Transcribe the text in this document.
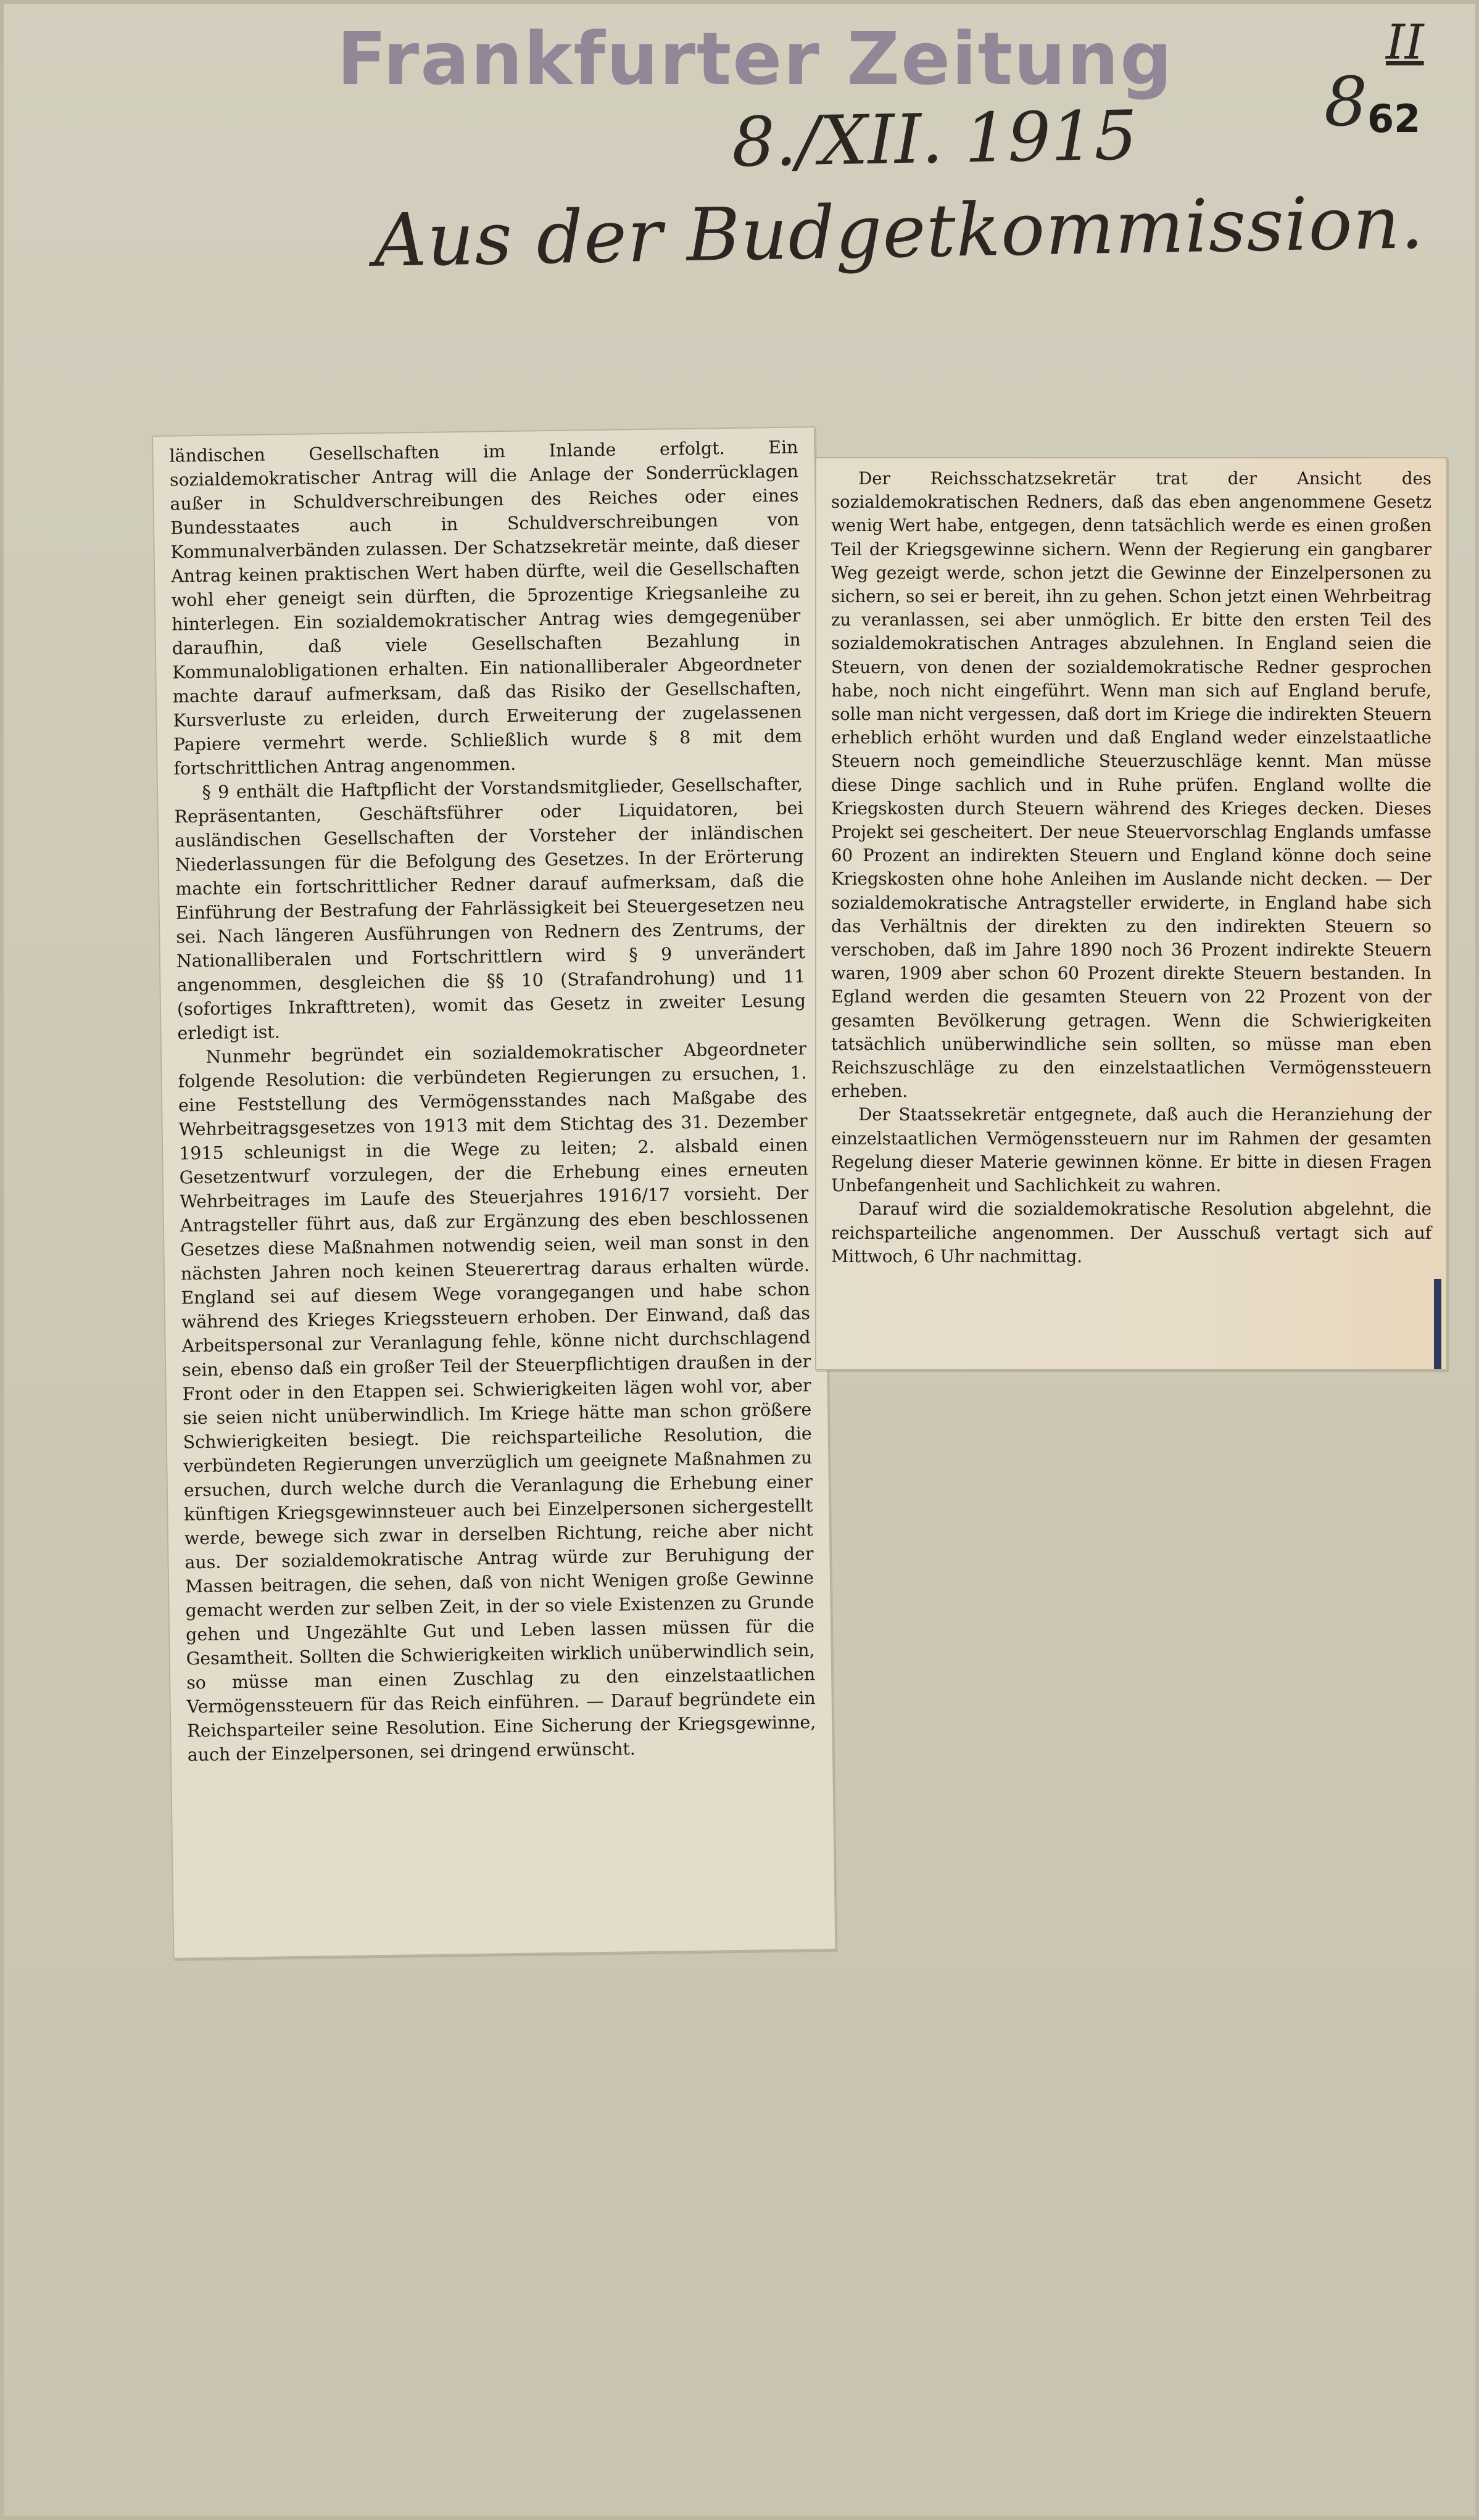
Frankfurter Zeitung	II
8 62
8./XII. 1915
Aus der Budgetkommission.

ländischen Gesellschaften im Inlande erfolgt. Ein sozialdemokratischer Antrag will die Anlage der Sonderrücklagen außer in Schuldverschreibungen des Reiches oder eines Bundesstaates auch in Schuldverschreibungen von Kommunalverbänden zulassen. Der Schatzsekretär meinte, daß dieser Antrag keinen praktischen Wert haben dürfte, weil die Gesellschaften wohl eher geneigt sein dürften, die 5prozentige Kriegsanleihe zu hinterlegen. Ein sozialdemokratischer Antrag wies demgegenüber daraufhin, daß viele Gesellschaften Bezahlung in Kommunalobligationen erhalten. Ein nationalliberaler Abgeordneter machte darauf aufmerksam, daß das Risiko der Gesellschaften, Kursverluste zu erleiden, durch Erweiterung der zugelassenen Papiere vermehrt werde. Schließlich wurde § 8 mit dem fortschrittlichen Antrag angenommen.

§ 9 enthält die Haftpflicht der Vorstandsmitglieder, Gesellschafter, Repräsentanten, Geschäftsführer oder Liquidatoren, bei ausländischen Gesellschaften der Vorsteher der inländischen Niederlassungen für die Befolgung des Gesetzes. In der Erörterung machte ein fortschrittlicher Redner darauf aufmerksam, daß die Einführung der Bestrafung der Fahrlässigkeit bei Steuergesetzen neu sei. Nach längeren Ausführungen von Rednern des Zentrums, der Nationalliberalen und Fortschrittlern wird § 9 unverändert angenommen, desgleichen die §§ 10 (Strafandrohung) und 11 (sofortiges Inkrafttreten), womit das Gesetz in zweiter Lesung erledigt ist.

Nunmehr begründet ein sozialdemokratischer Abgeordneter folgende Resolution: die verbündeten Regierungen zu ersuchen, 1. eine Feststellung des Vermögensstandes nach Maßgabe des Wehrbeitragsgesetzes von 1913 mit dem Stichtag des 31. Dezember 1915 schleunigst in die Wege zu leiten; 2. alsbald einen Gesetzentwurf vorzulegen, der die Erhebung eines erneuten Wehrbeitrages im Laufe des Steuerjahres 1916/17 vorsieht. Der Antragsteller führt aus, daß zur Ergänzung des eben beschlossenen Gesetzes diese Maßnahmen notwendig seien, weil man sonst in den nächsten Jahren noch keinen Steuerertrag daraus erhalten würde. England sei auf diesem Wege vorangegangen und habe schon während des Krieges Kriegssteuern erhoben. Der Einwand, daß das Arbeitspersonal zur Veranlagung fehle, könne nicht durchschlagend sein, ebenso daß ein großer Teil der Steuerpflichtigen draußen in der Front oder in den Etappen sei. Schwierigkeiten lägen wohl vor, aber sie seien nicht unüberwindlich. Im Kriege hätte man schon größere Schwierigkeiten besiegt. Die reichsparteiliche Resolution, die verbündeten Regierungen unverzüglich um geeignete Maßnahmen zu ersuchen, durch welche durch die Veranlagung die Erhebung einer künftigen Kriegsgewinnsteuer auch bei Einzelpersonen sichergestellt werde, bewege sich zwar in derselben Richtung, reiche aber nicht aus. Der sozialdemokratische Antrag würde zur Beruhigung der Massen beitragen, die sehen, daß von nicht Wenigen große Gewinne gemacht werden zur selben Zeit, in der so viele Existenzen zu Grunde gehen und Ungezählte Gut und Leben lassen müssen für die Gesamtheit. Sollten die Schwierigkeiten wirklich unüberwindlich sein, so müsse man einen Zuschlag zu den einzelstaatlichen Vermögenssteuern für das Reich einführen. — Darauf begründete ein Reichsparteiler seine Resolution. Eine Sicherung der Kriegsgewinne, auch der Einzelpersonen, sei dringend erwünscht.

Der Reichsschatzsekretär trat der Ansicht des sozialdemokratischen Redners, daß das eben angenommene Gesetz wenig Wert habe, entgegen, denn tatsächlich werde es einen großen Teil der Kriegsgewinne sichern. Wenn der Regierung ein gangbarer Weg gezeigt werde, schon jetzt die Gewinne der Einzelpersonen zu sichern, so sei er bereit, ihn zu gehen. Schon jetzt einen Wehrbeitrag zu veranlassen, sei aber unmöglich. Er bitte den ersten Teil des sozialdemokratischen Antrages abzulehnen. In England seien die Steuern, von denen der sozialdemokratische Redner gesprochen habe, noch nicht eingeführt. Wenn man sich auf England berufe, solle man nicht vergessen, daß dort im Kriege die indirekten Steuern erheblich erhöht wurden und daß England weder einzelstaatliche Steuern noch gemeindliche Steuerzuschläge kennt. Man müsse diese Dinge sachlich und in Ruhe prüfen. England wollte die Kriegskosten durch Steuern während des Krieges decken. Dieses Projekt sei gescheitert. Der neue Steuervorschlag Englands umfasse 60 Prozent an indirekten Steuern und England könne doch seine Kriegskosten ohne hohe Anleihen im Auslande nicht decken. — Der sozialdemokratische Antragsteller erwiderte, in England habe sich das Verhältnis der direkten zu den indirekten Steuern so verschoben, daß im Jahre 1890 noch 36 Prozent indirekte Steuern waren, 1909 aber schon 60 Prozent direkte Steuern bestanden. In Egland werden die gesamten Steuern von 22 Prozent von der gesamten Bevölkerung getragen. Wenn die Schwierigkeiten tatsächlich unüberwindliche sein sollten, so müsse man eben Reichszuschläge zu den einzelstaatlichen Vermögenssteuern erheben.

Der Staatssekretär entgegnete, daß auch die Heranziehung der einzelstaatlichen Vermögenssteuern nur im Rahmen der gesamten Regelung dieser Materie gewinnen könne. Er bitte in diesen Fragen Unbefangenheit und Sachlichkeit zu wahren.

Darauf wird die sozialdemokratische Resolution abgelehnt, die reichsparteiliche angenommen. Der Ausschuß vertagt sich auf Mittwoch, 6 Uhr nachmittag.
